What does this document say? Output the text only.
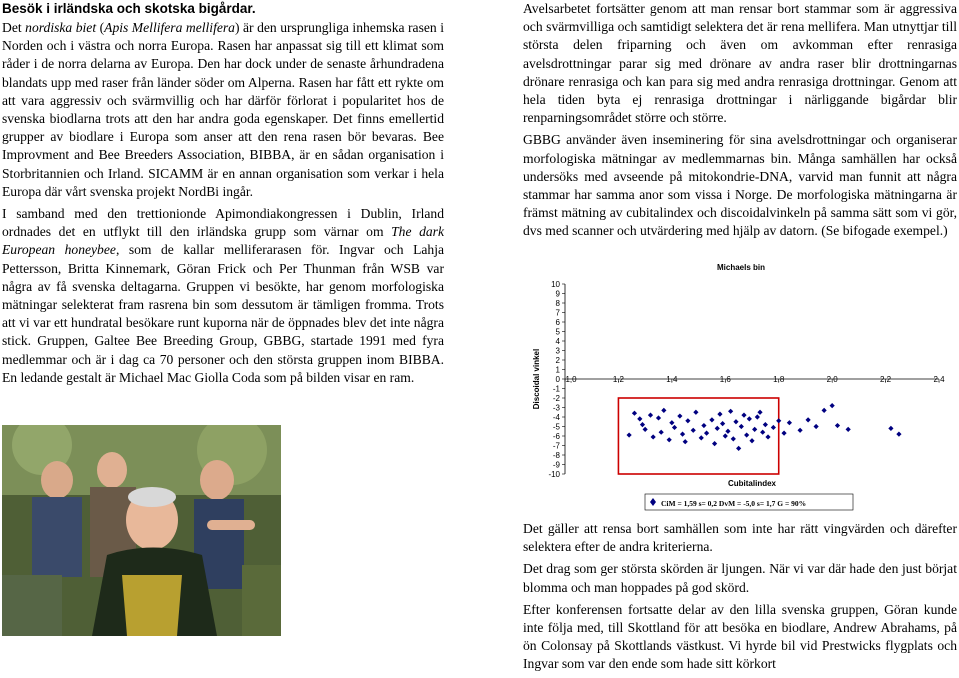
Besök i irländska och skotska bigårdar.
Det nordiska biet (Apis Mellifera mellifera) är den ursprungliga inhemska rasen i Norden och i västra och norra Europa. Rasen har anpassat sig till ett klimat som råder i de norra delarna av Europa. Den har dock under de senaste århundradena blandats upp med raser från länder söder om Alperna. Rasen har fått ett rykte om att vara aggressiv och svärmvillig och har därför förlorat i popularitet hos de svenska biodlarna trots att den har andra goda egenskaper. Det finns emellertid grupper av biodlare i Europa som anser att den rena rasen bör bevaras. Bee Improvment and Bee Breeders Association, BIBBA, är en sådan organisation i Storbritannien och Irland. SICAMM är en annan organisation som verkar i hela Europa där vårt svenska projekt NordBi ingår.
I samband med den trettionionde Apimondiakongressen i Dublin, Irland ordnades det en utflykt till den irländska grupp som värnar om The dark European honeybee, som de kallar melliferarasen för. Ingvar och Lahja Pettersson, Britta Kinnemark, Göran Frick och Per Thunman från WSB var några av få svenska deltagarna. Gruppen vi besökte, har genom morfologiska mätningar selekterat fram rasrena bin som dessutom är tämligen fromma. Trots att vi var ett hundratal besökare runt kuporna när de öppnades blev det inte några stick. Gruppen, Galtee Bee Breeding Group, GBBG, startade 1991 med fyra medlemmar och är i dag ca 70 personer och den största gruppen inom BIBBA. En ledande gestalt är Michael Mac Giolla Coda som på bilden visar en ram.
Avelsarbetet fortsätter genom att man rensar bort stammar som är aggressiva och svärmvilliga och samtidigt selektera det är rena mellifera. Man utnyttjar till största delen friparning och även om avkomman efter renrasiga avelsdrottningar parar sig med drönare av andra raser blir drottningarnas drönare renrasiga och kan para sig med andra renrasiga drottningar. Genom att hela tiden byta ej renrasiga drottningar i närliggande bigårdar blir renparningsområdet större och större.
GBBG använder även inseminering för sina avelsdrottningar och organiserar morfologiska mätningar av medlemmarnas bin. Många samhällen har också undersöks med avseende på mitokondrie-DNA, varvid man funnit att några stammar har samma anor som vissa i Norge. De morfologiska mätningarna är främst mätning av cubitalindex och discoidalvinkeln på samma sätt som vi gör, dvs med scanner och utvärdering med hjälp av datorn. (Se bifogade exempel.)
Michaels bin
Discoidal vinkel
10
9
8
7
6
5
4
3
2
1
0
-1
-2
-3
-4
-5
-6
-7
-8
-9
-10
1,0	1,2	1,4	1,6	1,8	2,0	2,2	2,4
Cubitalindex
CiM = 1,59 s= 0,2 DvM = -5,0 s= 1,7 G = 90%
Det gäller att rensa bort samhällen som inte har rätt vingvärden och därefter selektera efter de andra kriterierna.
Det drag som ger största skörden är ljungen. När vi var där hade den just börjat blomma och man hoppades på god skörd.
Efter konferensen fortsatte delar av den lilla svenska gruppen, Göran kunde inte följa med, till Skottland för att besöka en biodlare, Andrew Abrahams, på ön Colonsay på Skottlands västkust. Vi hyrde bil vid Prestwicks flygplats och Ingvar som var den ende som hade sitt körkort
